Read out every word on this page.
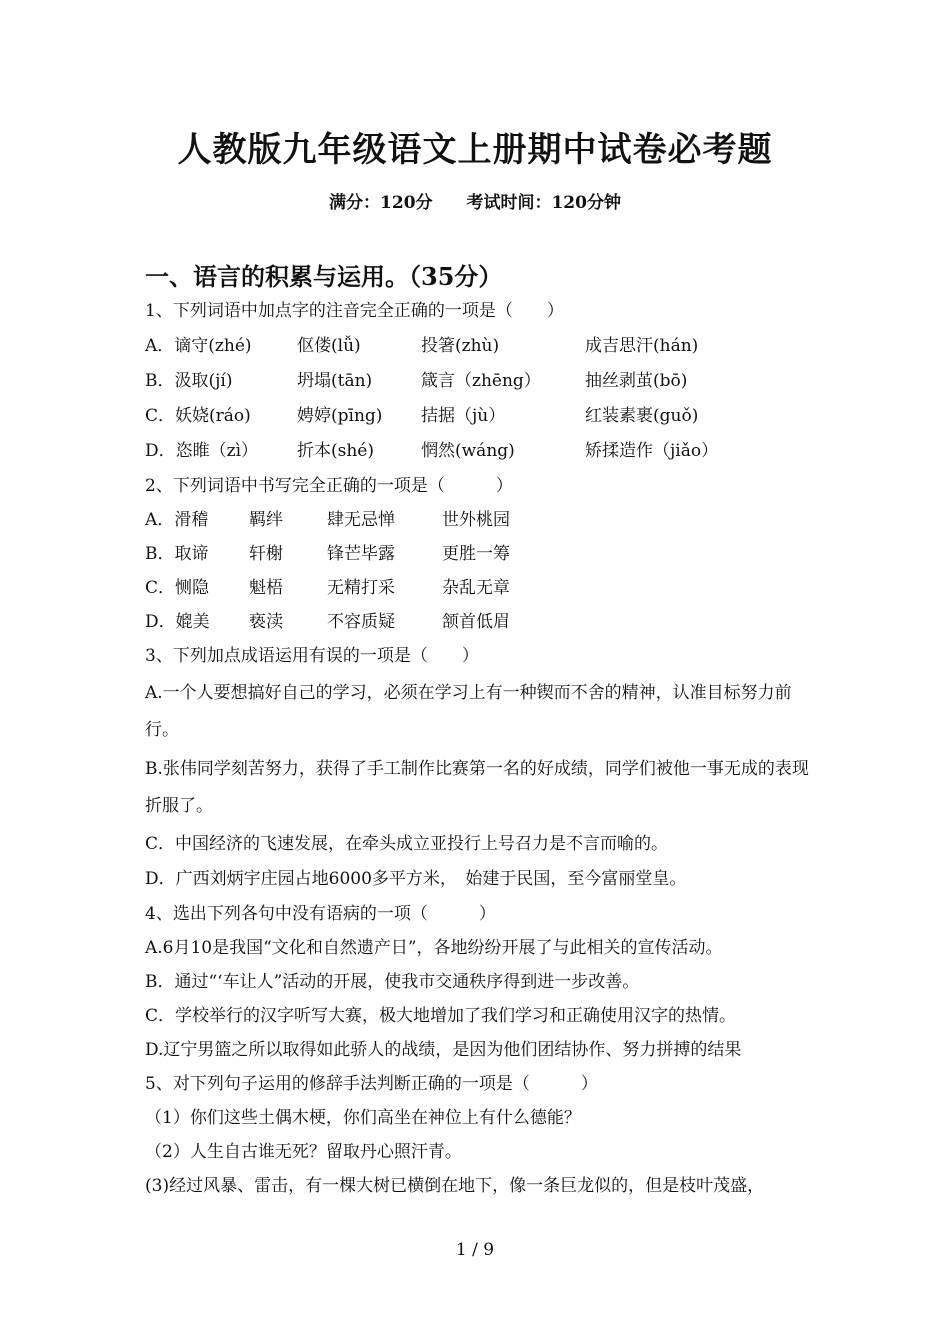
人教版九年级语文上册期中试卷必考题
满分：120分 考试时间：120分钟
一、语言的积累与运用。（35分）
1、下列词语中加点字的注音完全正确的一项是（　　）
A．谪守(zhé)	伛偻(lǚ)	投箸(zhù)	成吉思汗(hán)
B．汲取(jí)	坍塌(tān)	箴言（zhēng）	抽丝剥茧(bō)
C．妖娆(ráo)	娉婷(pīng)	拮据（jù）	红装素裹(guǒ)
D．恣睢（zì）	折本(shé)	惘然(wáng)	矫揉造作（jiǎo）
2、下列词语中书写完全正确的一项是（　　　）
A．滑稽	羁绊	肆无忌惮	世外桃园
B．取谛	轩榭	锋芒毕露	更胜一筹
C．恻隐	魁梧	无精打采	杂乱无章
D．媲美	亵渎	不容质疑	颔首低眉
3、下列加点成语运用有误的一项是（　　）
A.一个人要想搞好自己的学习，必须在学习上有一种锲而不舍的精神，认准目标努力前行。
B.张伟同学刻苦努力，获得了手工制作比赛第一名的好成绩，同学们被他一事无成的表现折服了。
C．中国经济的飞速发展，在牵头成立亚投行上号召力是不言而喻的。
D．广西刘炳宇庄园占地6000多平方米，　始建于民国，至今富丽堂皇。
4、选出下列各句中没有语病的一项（　　　）
A.6月10是我国“文化和自然遗产日”，各地纷纷开展了与此相关的宣传活动。
B．通过“‘车让人”活动的开展，使我市交通秩序得到进一步改善。
C．学校举行的汉字听写大赛，极大地增加了我们学习和正确使用汉字的热情。
D.辽宁男篮之所以取得如此骄人的战绩，是因为他们团结协作、努力拼搏的结果
5、对下列句子运用的修辞手法判断正确的一项是（　　　）
（1）你们这些土偶木梗，你们高坐在神位上有什么德能？
（2）人生自古谁无死？留取丹心照汗青。
(3)经过风暴、雷击，有一棵大树已横倒在地下，像一条巨龙似的，但是枝叶茂盛，
1 / 9
